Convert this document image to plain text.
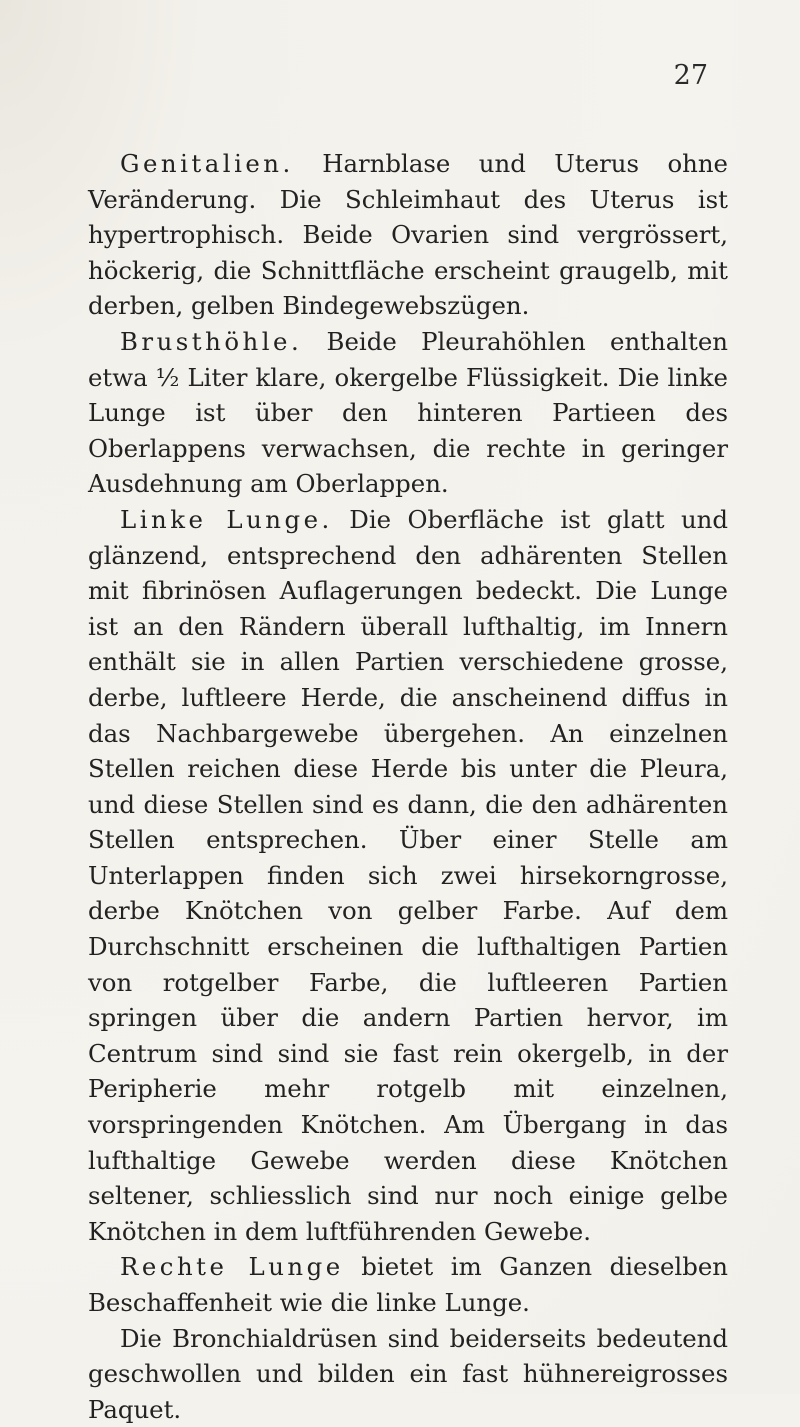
27

Genitalien. Harnblase und Uterus ohne Veränderung. Die Schleimhaut des Uterus ist hypertrophisch. Beide Ovarien sind vergrössert, höckerig, die Schnittfläche erscheint graugelb, mit derben, gelben Bindegewebszügen.

Brusthöhle. Beide Pleurahöhlen enthalten etwa ½ Liter klare, okergelbe Flüssigkeit. Die linke Lunge ist über den hinteren Partieen des Oberlappens verwachsen, die rechte in geringer Ausdehnung am Oberlappen.

Linke Lunge. Die Oberfläche ist glatt und glänzend, entsprechend den adhärenten Stellen mit fibrinösen Auflagerungen bedeckt. Die Lunge ist an den Rändern überall lufthaltig, im Innern enthält sie in allen Partien verschiedene grosse, derbe, luftleere Herde, die anscheinend diffus in das Nachbargewebe übergehen. An einzelnen Stellen reichen diese Herde bis unter die Pleura, und diese Stellen sind es dann, die den adhärenten Stellen entsprechen. Über einer Stelle am Unterlappen finden sich zwei hirsekorngrosse, derbe Knötchen von gelber Farbe. Auf dem Durchschnitt erscheinen die lufthaltigen Partien von rotgelber Farbe, die luftleeren Partien springen über die andern Partien hervor, im Centrum sind sind sie fast rein okergelb, in der Peripherie mehr rotgelb mit einzelnen, vorspringenden Knötchen. Am Übergang in das lufthaltige Gewebe werden diese Knötchen seltener, schliesslich sind nur noch einige gelbe Knötchen in dem luftführenden Gewebe.

Rechte Lunge bietet im Ganzen dieselben Beschaffenheit wie die linke Lunge.

Die Bronchialdrüsen sind beiderseits bedeutend geschwollen und bilden ein fast hühnereigrosses Paquet.
